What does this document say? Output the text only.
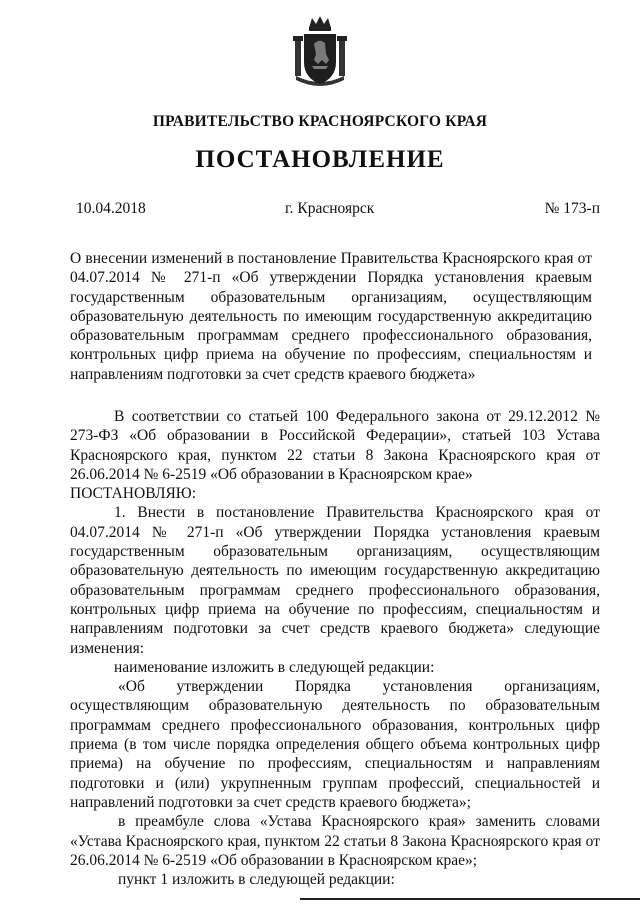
ПРАВИТЕЛЬСТВО КРАСНОЯРСКОГО КРАЯ
ПОСТАНОВЛЕНИЕ
10.04.2018	г. Красноярск	№ 173-п
О внесении изменений в постановление Правительства Красноярского края от 04.07.2014 № 271-п «Об утверждении Порядка установления краевым государственным образовательным организациям, осуществляющим образовательную деятельность по имеющим государственную аккредитацию образовательным программам среднего профессионального образования, контрольных цифр приема на обучение по профессиям, специальностям и направлениям подготовки за счет средств краевого бюджета»

В соответствии со статьей 100 Федерального закона от 29.12.2012 № 273-ФЗ «Об образовании в Российской Федерации», статьей 103 Устава Красноярского края, пунктом 22 статьи 8 Закона Красноярского края от 26.06.2014 № 6-2519 «Об образовании в Красноярском крае»

ПОСТАНОВЛЯЮ:

1. Внести в постановление Правительства Красноярского края от 04.07.2014 № 271-п «Об утверждении Порядка установления краевым государственным образовательным организациям, осуществляющим образовательную деятельность по имеющим государственную аккредитацию образовательным программам среднего профессионального образования, контрольных цифр приема на обучение по профессиям, специальностям и направлениям подготовки за счет средств краевого бюджета» следующие изменения:

наименование изложить в следующей редакции:

«Об утверждении Порядка установления организациям, осуществляющим образовательную деятельность по образовательным программам среднего профессионального образования, контрольных цифр приема (в том числе порядка определения общего объема контрольных цифр приема) на обучение по профессиям, специальностям и направлениям подготовки и (или) укрупненным группам профессий, специальностей и направлений подготовки за счет средств краевого бюджета»;

в преамбуле слова «Устава Красноярского края» заменить словами «Устава Красноярского края, пунктом 22 статьи 8 Закона Красноярского края от 26.06.2014 № 6-2519 «Об образовании в Красноярском крае»;

пункт 1 изложить в следующей редакции:
